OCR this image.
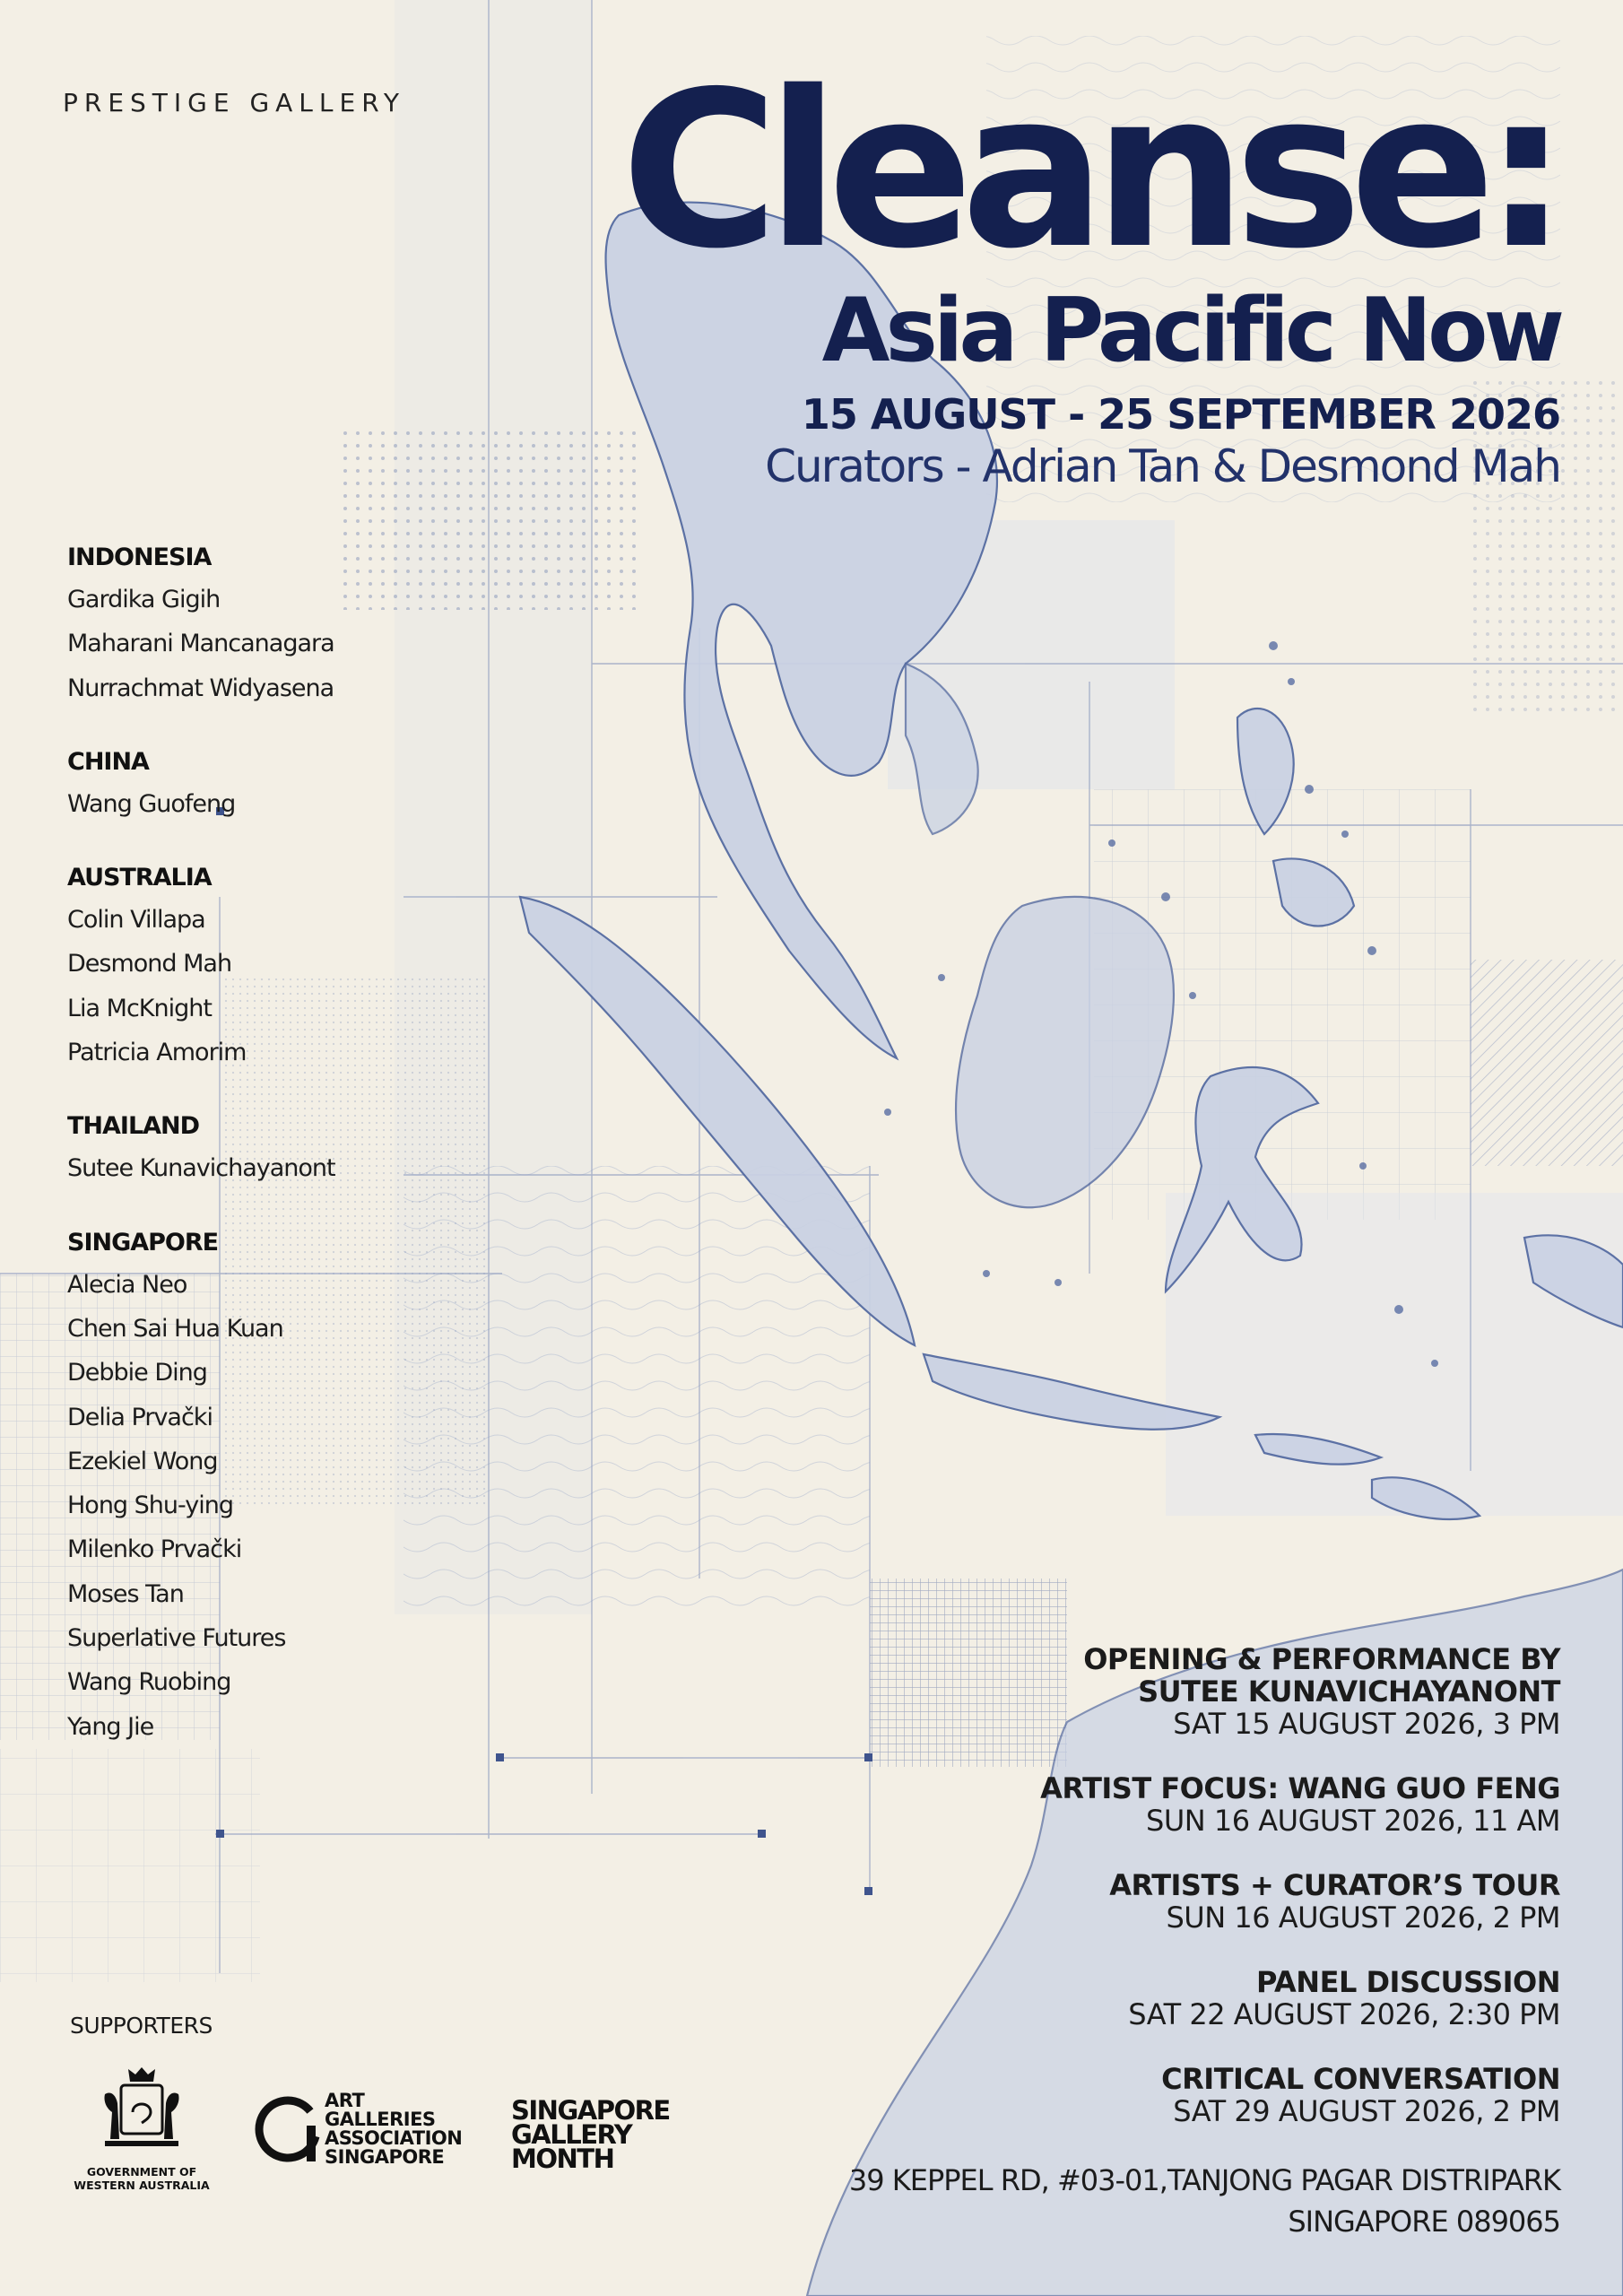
PRESTIGE GALLERY Cleanse:
Asia Pacific Now
15 AUGUST - 25 SEPTEMBER 2026
Curators - Adrian Tan & Desmond Mah
INDONESIA
Gardika Gigih
Maharani Mancanagara
Nurrachmat Widyasena
CHINA
Wang Guofeng
AUSTRALIA
Colin Villapa
Desmond Mah
Lia McKnight
Patricia Amorim
THAILAND
Sutee Kunavichayanont
SINGAPORE
Alecia Neo
Chen Sai Hua Kuan
Debbie Ding
Delia Prvački
Ezekiel Wong
Hong Shu-ying
Milenko Prvački
Moses Tan
Superlative Futures
Wang Ruobing
Yang Jie
OPENING & PERFORMANCE BY
SUTEE KUNAVICHAYANONT
SAT 15 AUGUST 2026, 3 PM
ARTIST FOCUS: WANG GUO FENG
SUN 16 AUGUST 2026, 11 AM
ARTISTS + CURATOR’S TOUR
SUN 16 AUGUST 2026, 2 PM
PANEL DISCUSSION
SAT 22 AUGUST 2026, 2:30 PM
CRITICAL CONVERSATION
SAT 29 AUGUST 2026, 2 PM
39 KEPPEL RD, #03-01,TANJONG PAGAR DISTRIPARK
SINGAPORE 089065
SUPPORTERS
GOVERNMENT OF
WESTERN AUSTRALIA
ART
GALLERIES
ASSOCIATION
SINGAPORE
SINGAPORE
GALLERY
MONTH
